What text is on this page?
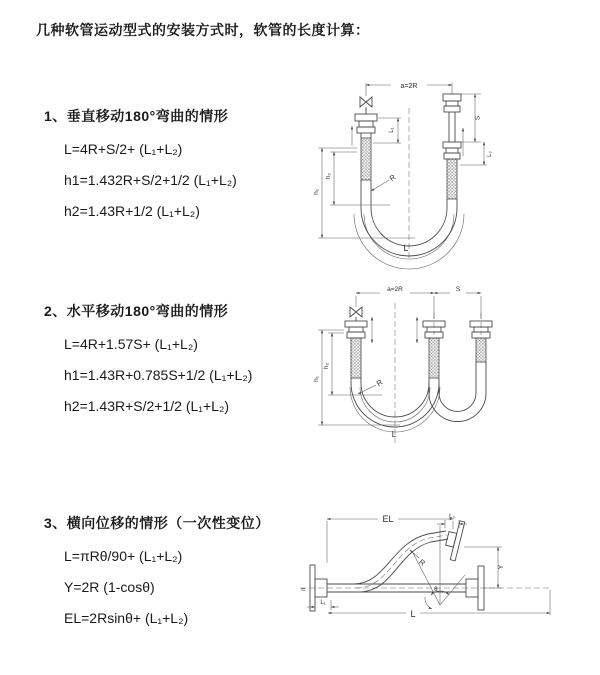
几种软管运动型式的安装方式时，软管的长度计算：
1、垂直移动180°弯曲的情形
L=4R+S/2+ (L₁+L₂)
h1=1.432R+S/2+1/2 (L₁+L₂)
h2=1.43R+1/2 (L₁+L₂)
a=2R
S
L₂
L₁
h₁
h₂	R
L
2、水平移动180°弯曲的情形
L=4R+1.57S+ (L₁+L₂)
h1=1.43R+0.785S+1/2 (L₁+L₂)
h2=1.43R+S/2+1/2 (L₁+L₂)
a=2R	S
h₁
h₂
R
L
3、横向位移的情形（一次性变位）
L=πRθ/90+ (L₁+L₂)
Y=2R (1-cosθ)
EL=2Rsinθ+ (L₁+L₂)
≈
EL	L₂
Y
θ
R
L₁
L
